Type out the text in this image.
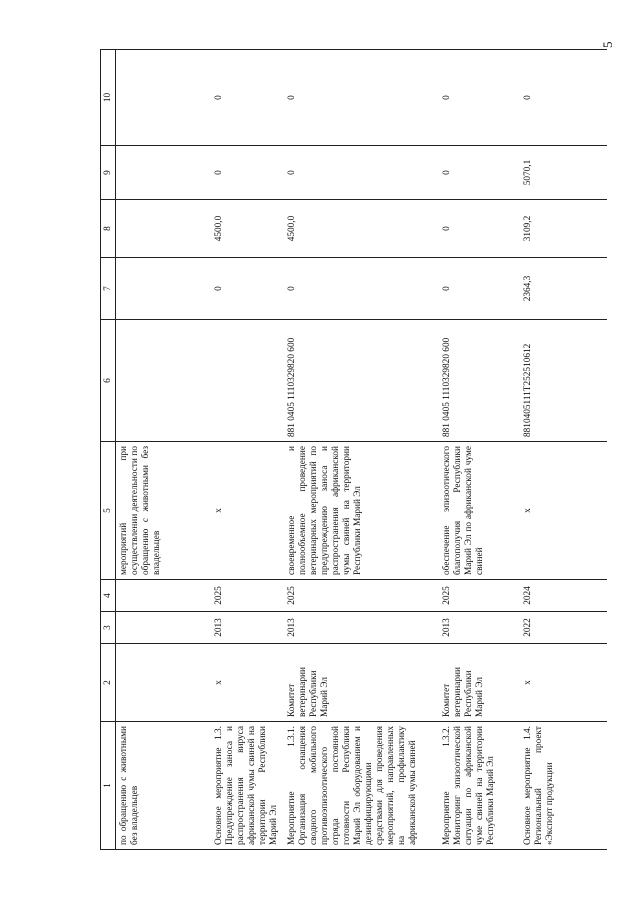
5
1	2	3	4	5	6	7	8	9	10
по обращению с животными без владельцев				мероприятий при осуществлении деятельности по обращению с животными без владельцев					
Основное мероприятие 1.3. Предупреждение заноса и распространения вируса африканской чумы свиней на территории Республики Марий Эл	х	2013	2025	х		0	4500,0	0	0
Мероприятие 1.3.1. Организация оснащения сводного мобильного противоэпизоотического отряда постоянной готовности Республики Марий Эл оборудованием и дезинфицирующими средствами для проведения мероприятий, направленных на профилактику африканской чумы свиней	Комитет ветеринарии Республики Марий Эл	2013	2025	своевременное и полнообъемное проведение ветеринарных мероприятий по предупреждению заноса и распространения африканской чумы свиней на территории Республики Марий Эл	881 0405 1110329820 600	0	4500,0	0	0
Мероприятие 1.3.2. Мониторинг эпизоотической ситуации по африканской чуме свиней на территории Республики Марий Эл	Комитет ветеринарии Республики Марий Эл	2013	2025	обеспечение эпизоотического благополучия Республики Марий Эл по африканской чуме свиней	881 0405 1110329820 600	0	0	0	0
Основное мероприятие 1.4. Региональный проект «Экспорт продукции	х	2022	2024	х	8810405111T252510612	2364,3	3109,2	5070,1	0
